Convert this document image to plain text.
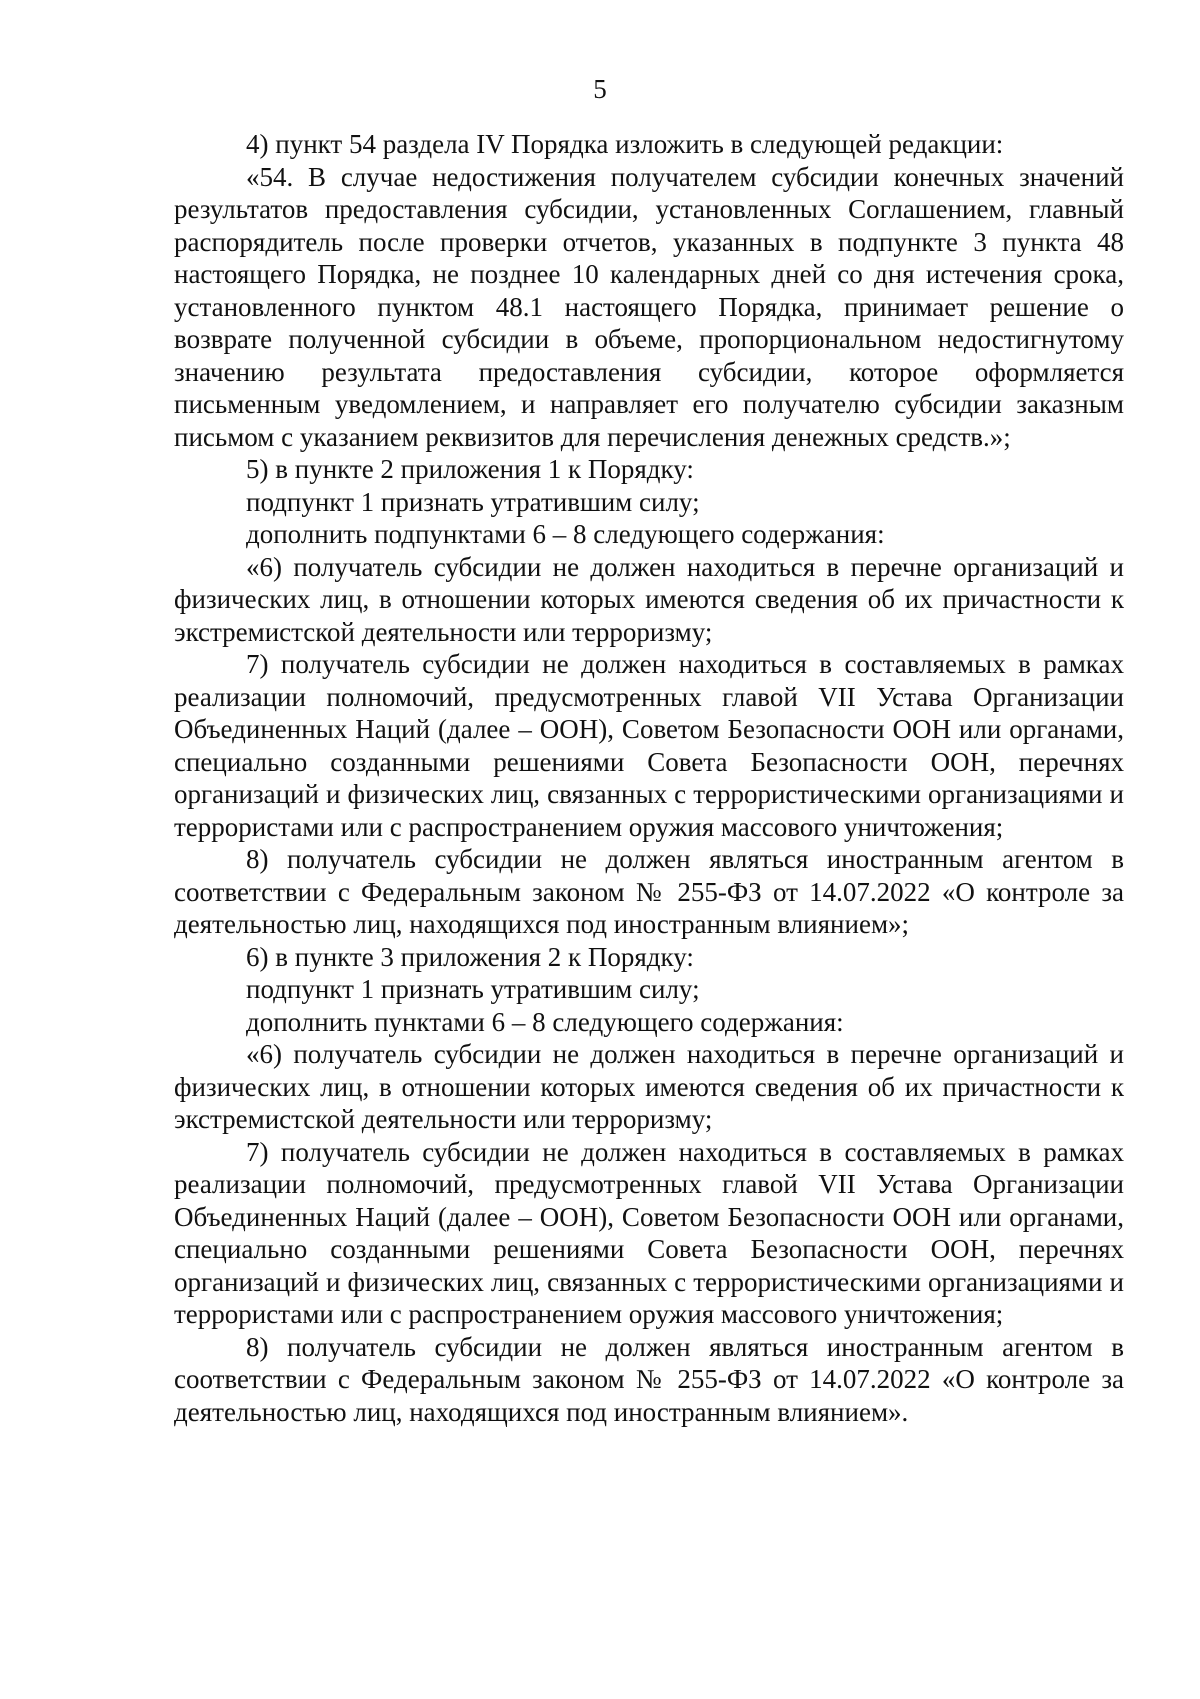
5

4) пункт 54 раздела IV Порядка изложить в следующей редакции:

«54. В случае недостижения получателем субсидии конечных значений результатов предоставления субсидии, установленных Соглашением, главный распорядитель после проверки отчетов, указанных в подпункте 3 пункта 48 настоящего Порядка, не позднее 10 календарных дней со дня истечения срока, установленного пунктом 48.1 настоящего Порядка, принимает решение о возврате полученной субсидии в объеме, пропорциональном недостигнутому значению результата предоставления субсидии, которое оформляется письменным уведомлением, и направляет его получателю субсидии заказным письмом с указанием реквизитов для перечисления денежных средств.»;

5) в пункте 2 приложения 1 к Порядку:

подпункт 1 признать утратившим силу;

дополнить подпунктами 6 – 8 следующего содержания:

«6) получатель субсидии не должен находиться в перечне организаций и физических лиц, в отношении которых имеются сведения об их причастности к экстремистской деятельности или терроризму;

7) получатель субсидии не должен находиться в составляемых в рамках реализации полномочий, предусмотренных главой VII Устава Организации Объединенных Наций (далее – ООН), Советом Безопасности ООН или органами, специально созданными решениями Совета Безопасности ООН, перечнях организаций и физических лиц, связанных с террористическими организациями и террористами или с распространением оружия массового уничтожения;

8) получатель субсидии не должен являться иностранным агентом в соответствии с Федеральным законом № 255-ФЗ от 14.07.2022 «О контроле за деятельностью лиц, находящихся под иностранным влиянием»;

6) в пункте 3 приложения 2 к Порядку:

подпункт 1 признать утратившим силу;

дополнить пунктами 6 – 8 следующего содержания:

«6) получатель субсидии не должен находиться в перечне организаций и физических лиц, в отношении которых имеются сведения об их причастности к экстремистской деятельности или терроризму;

7) получатель субсидии не должен находиться в составляемых в рамках реализации полномочий, предусмотренных главой VII Устава Организации Объединенных Наций (далее – ООН), Советом Безопасности ООН или органами, специально созданными решениями Совета Безопасности ООН, перечнях организаций и физических лиц, связанных с террористическими организациями и террористами или с распространением оружия массового уничтожения;

8) получатель субсидии не должен являться иностранным агентом в соответствии с Федеральным законом № 255-ФЗ от 14.07.2022 «О контроле за деятельностью лиц, находящихся под иностранным влиянием».
